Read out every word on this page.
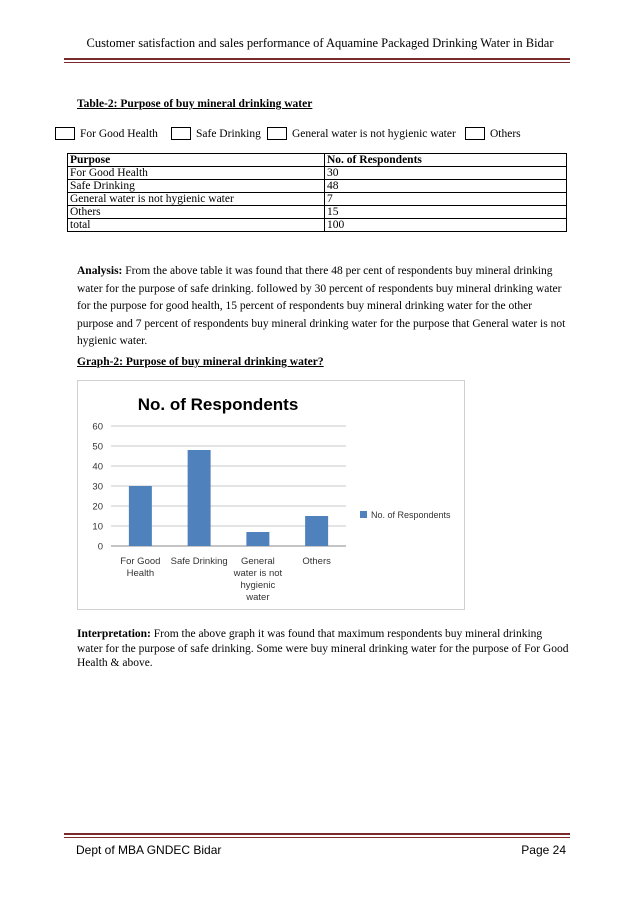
Customer satisfaction and sales performance of Aquamine Packaged Drinking Water in Bidar
Table-2: Purpose of buy mineral drinking water
For Good Health	Safe Drinking	General water is not hygienic water	Others
Purpose	No. of Respondents
For Good Health	30
Safe Drinking	48
General water is not hygienic water	7
Others	15
total	100
Analysis: From the above table it was found that there 48 per cent of respondents buy mineral drinking water for the purpose of safe drinking. followed by 30 percent of respondents buy mineral drinking water for the purpose for good health, 15 percent of respondents buy mineral drinking water for the other purpose and 7 percent of respondents buy mineral drinking water for the purpose that General water is not hygienic water.
Graph-2: Purpose of buy mineral drinking water?
No. of Respondents
0
10
20
30
40
50
60
For Good
Health
Safe Drinking General
water is not
hygienic
water
Others
No. of Respondents
Interpretation: From the above graph it was found that maximum respondents buy mineral drinking water for the purpose of safe drinking. Some were buy mineral drinking water for the purpose of For Good Health & above.
Dept of MBA GNDEC Bidar	Page 24
